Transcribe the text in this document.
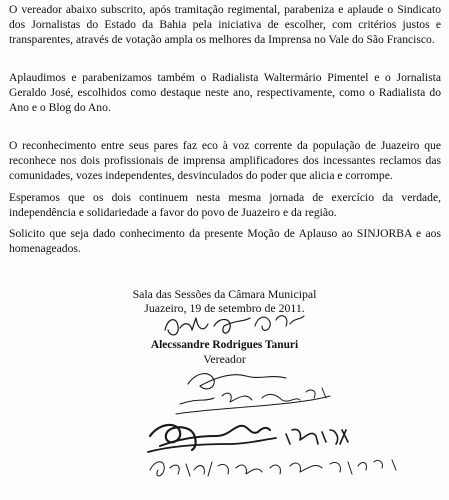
O vereador abaixo subscrito, após tramitação regimental, parabeniza e aplaude o Sindicato dos Jornalistas do Estado da Bahia pela iniciativa de escolher, com critérios justos e transparentes, através de votação ampla os melhores da Imprensa no Vale do São Francisco.

Aplaudimos e parabenizamos também o Radialista Waltermário Pimentel e o Jornalista Geraldo José, escolhidos como destaque neste ano, respectivamente, como o Radialista do Ano e o Blog do Ano.

O reconhecimento entre seus pares faz eco à voz corrente da população de Juazeiro que reconhece nos dois profissionais de imprensa amplificadores dos incessantes reclamos das comunidades, vozes independentes, desvinculados do poder que alicia e corrompe.

Esperamos que os dois continuem nesta mesma jornada de exercício da verdade, independência e solidariedade a favor do povo de Juazeiro e da região.

Solicito que seja dado conhecimento da presente Moção de Aplauso ao SINJORBA e aos homenageados.

Sala das Sessões da Câmara Municipal
Juazeiro, 19 de setembro de 2011.
Alecssandre Rodrigues Tanuri
Vereador
